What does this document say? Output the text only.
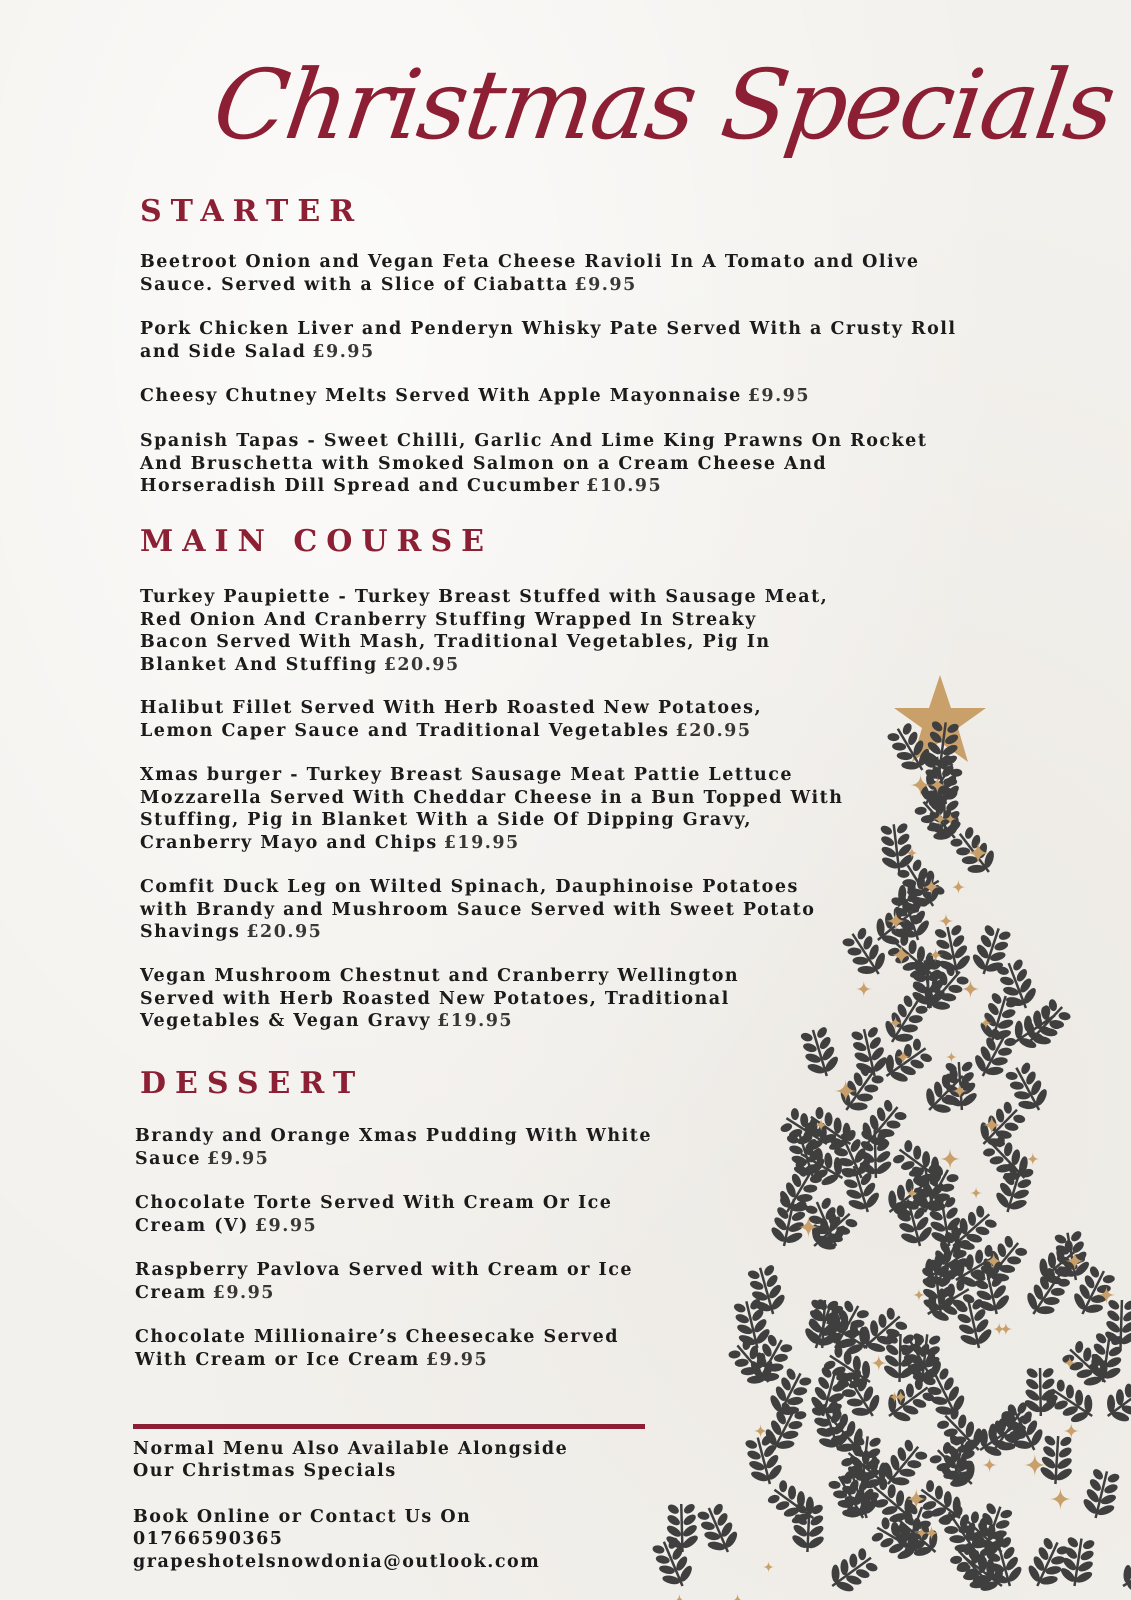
Christmas Specials
STARTER
Beetroot Onion and Vegan Feta Cheese Ravioli In A Tomato and Olive Sauce. Served with a Slice of Ciabatta £9.95
Pork Chicken Liver and Penderyn Whisky Pate Served With a Crusty Roll and Side Salad £9.95
Cheesy Chutney Melts Served With Apple Mayonnaise £9.95
Spanish Tapas - Sweet Chilli, Garlic And Lime King Prawns On Rocket And Bruschetta with Smoked Salmon on a Cream Cheese And Horseradish Dill Spread and Cucumber £10.95
MAIN COURSE
Turkey Paupiette - Turkey Breast Stuffed with Sausage Meat, Red Onion And Cranberry Stuffing Wrapped In Streaky Bacon Served With Mash, Traditional Vegetables, Pig In Blanket And Stuffing £20.95
Halibut Fillet Served With Herb Roasted New Potatoes, Lemon Caper Sauce and Traditional Vegetables £20.95
Xmas burger - Turkey Breast Sausage Meat Pattie Lettuce Mozzarella Served With Cheddar Cheese in a Bun Topped With Stuffing, Pig in Blanket With a Side Of Dipping Gravy, Cranberry Mayo and Chips £19.95
Comfit Duck Leg on Wilted Spinach, Dauphinoise Potatoes with Brandy and Mushroom Sauce Served with Sweet Potato Shavings £20.95
Vegan Mushroom Chestnut and Cranberry Wellington Served with Herb Roasted New Potatoes, Traditional Vegetables & Vegan Gravy £19.95
DESSERT
Brandy and Orange Xmas Pudding With White Sauce £9.95
Chocolate Torte Served With Cream Or Ice Cream (V) £9.95
Raspberry Pavlova Served with Cream or Ice Cream £9.95
Chocolate Millionaire’s Cheesecake Served With Cream or Ice Cream £9.95
Normal Menu Also Available Alongside
Our Christmas Specials
Book Online or Contact Us On
01766590365
grapeshotelsnowdonia@outlook.com
